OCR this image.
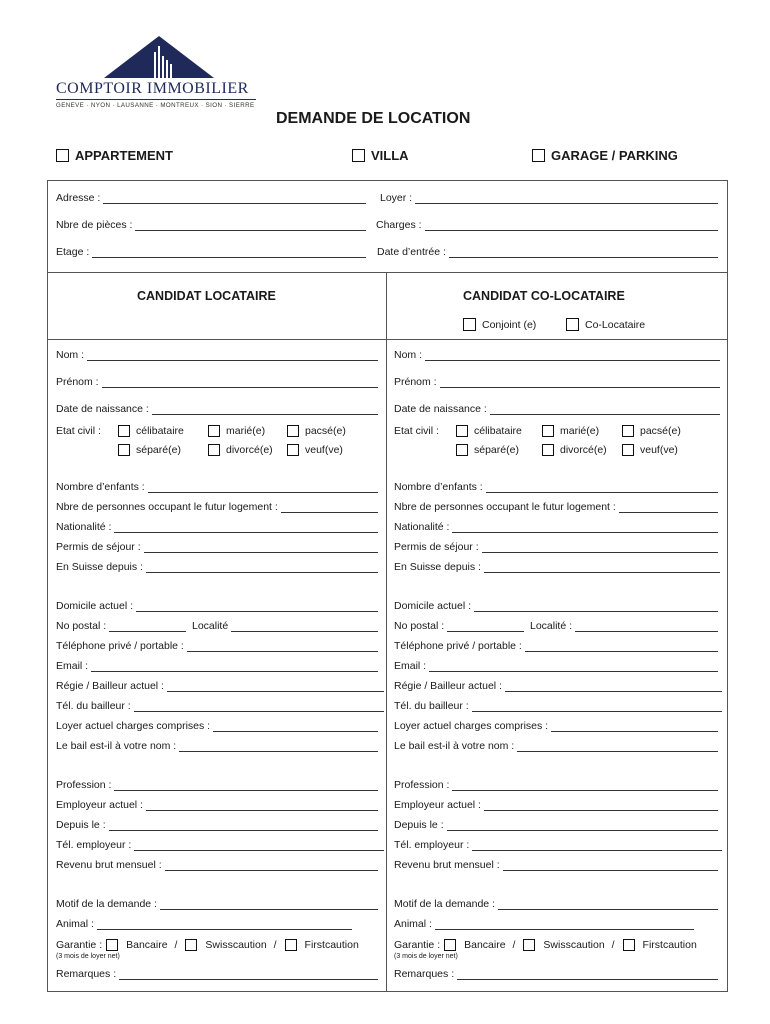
COMPTOIR IMMOBILIER
GENEVE · NYON · LAUSANNE · MONTREUX · SION · SIERRE
DEMANDE DE LOCATION
APPARTEMENT	VILLA	GARAGE / PARKING
Adresse :	Loyer :
Nbre de pièces :	Charges :
Etage :	Date d’entrée :
CANDIDAT LOCATAIRE	CANDIDAT CO-LOCATAIRE
Conjoint (e)	Co-Locataire
Nom :
Prénom :
Date de naissance :
Etat civil :	célibataire	marié(e)	pacsé(e)
séparé(e)	divorcé(e)	veuf(ve)
Nombre d’enfants :
Nbre de personnes occupant le futur logement :
Nationalité :
Permis de séjour :
En Suisse depuis :
Domicile actuel :
No postal :	Localité
Téléphone privé / portable :
Email :
Régie / Bailleur actuel :
Tél. du bailleur :
Loyer actuel charges comprises :
Le bail est-il à votre nom :
Profession :
Employeur actuel :
Depuis le :
Tél. employeur :
Revenu brut mensuel :
Motif de la demande :
Animal :
Garantie : Bancaire /	Swisscaution /	Firstcaution
(3 mois de loyer net)
Remarques :
Nom :
Prénom :
Date de naissance :
Etat civil :	célibataire	marié(e)	pacsé(e)
séparé(e)	divorcé(e)	veuf(ve)
Nombre d’enfants :
Nbre de personnes occupant le futur logement :
Nationalité :
Permis de séjour :
En Suisse depuis :
Domicile actuel :
No postal :	Localité :
Téléphone privé / portable :
Email :
Régie / Bailleur actuel :
Tél. du bailleur :
Loyer actuel charges comprises :
Le bail est-il à votre nom :
Profession :
Employeur actuel :
Depuis le :
Tél. employeur :
Revenu brut mensuel :
Motif de la demande :
Animal :
Garantie : Bancaire /	Swisscaution /	Firstcaution
(3 mois de loyer net)
Remarques :
